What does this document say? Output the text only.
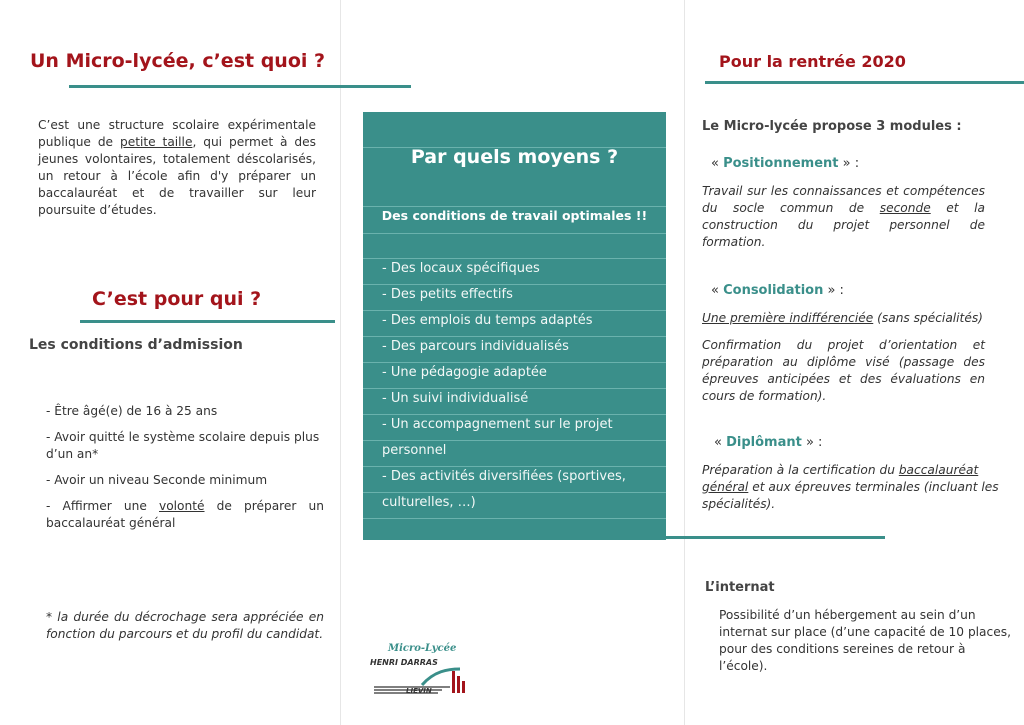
Un Micro-lycée, c’est quoi ?
C’est une structure scolaire expérimentale publique de petite taille, qui permet à des jeunes volontaires, totalement déscolarisés, un retour à l’école afin d'y préparer un baccalauréat et de travailler sur leur poursuite d’études.
C’est pour qui ?
Les conditions d’admission
- Être âgé(e) de 16 à 25 ans
- Avoir quitté le système scolaire depuis plus d’un an*
- Avoir un niveau Seconde minimum
- Affirmer une volonté de préparer un baccalauréat général
* la durée du décrochage sera appréciée en fonction du parcours et du profil du candidat.
Micro-Lycée
HENRI DARRAS
LIEVIN
Par quels moyens ?
Des conditions de travail optimales !!
- Des locaux spécifiques
- Des petits effectifs
- Des emplois du temps adaptés
- Des parcours individualisés
- Une pédagogie adaptée
- Un suivi individualisé
- Un accompagnement sur le projet
personnel
- Des activités diversifiées (sportives,
culturelles, …)
Pour la rentrée 2020
Le Micro-lycée propose 3 modules :
« Positionnement » :
Travail sur les connaissances et compétences du socle commun de seconde et la construction du projet personnel de formation.
« Consolidation » :
Une première indifférenciée (sans spécialités)
Confirmation du projet d’orientation et préparation au diplôme visé (passage des épreuves anticipées et des évaluations en cours de formation).
« Diplômant » :
Préparation à la certification du baccalauréat général et aux épreuves terminales (incluant les spécialités).
L’internat
Possibilité d’un hébergement au sein d’un internat sur place (d’une capacité de 10 places, pour des conditions sereines de retour à l’école).
